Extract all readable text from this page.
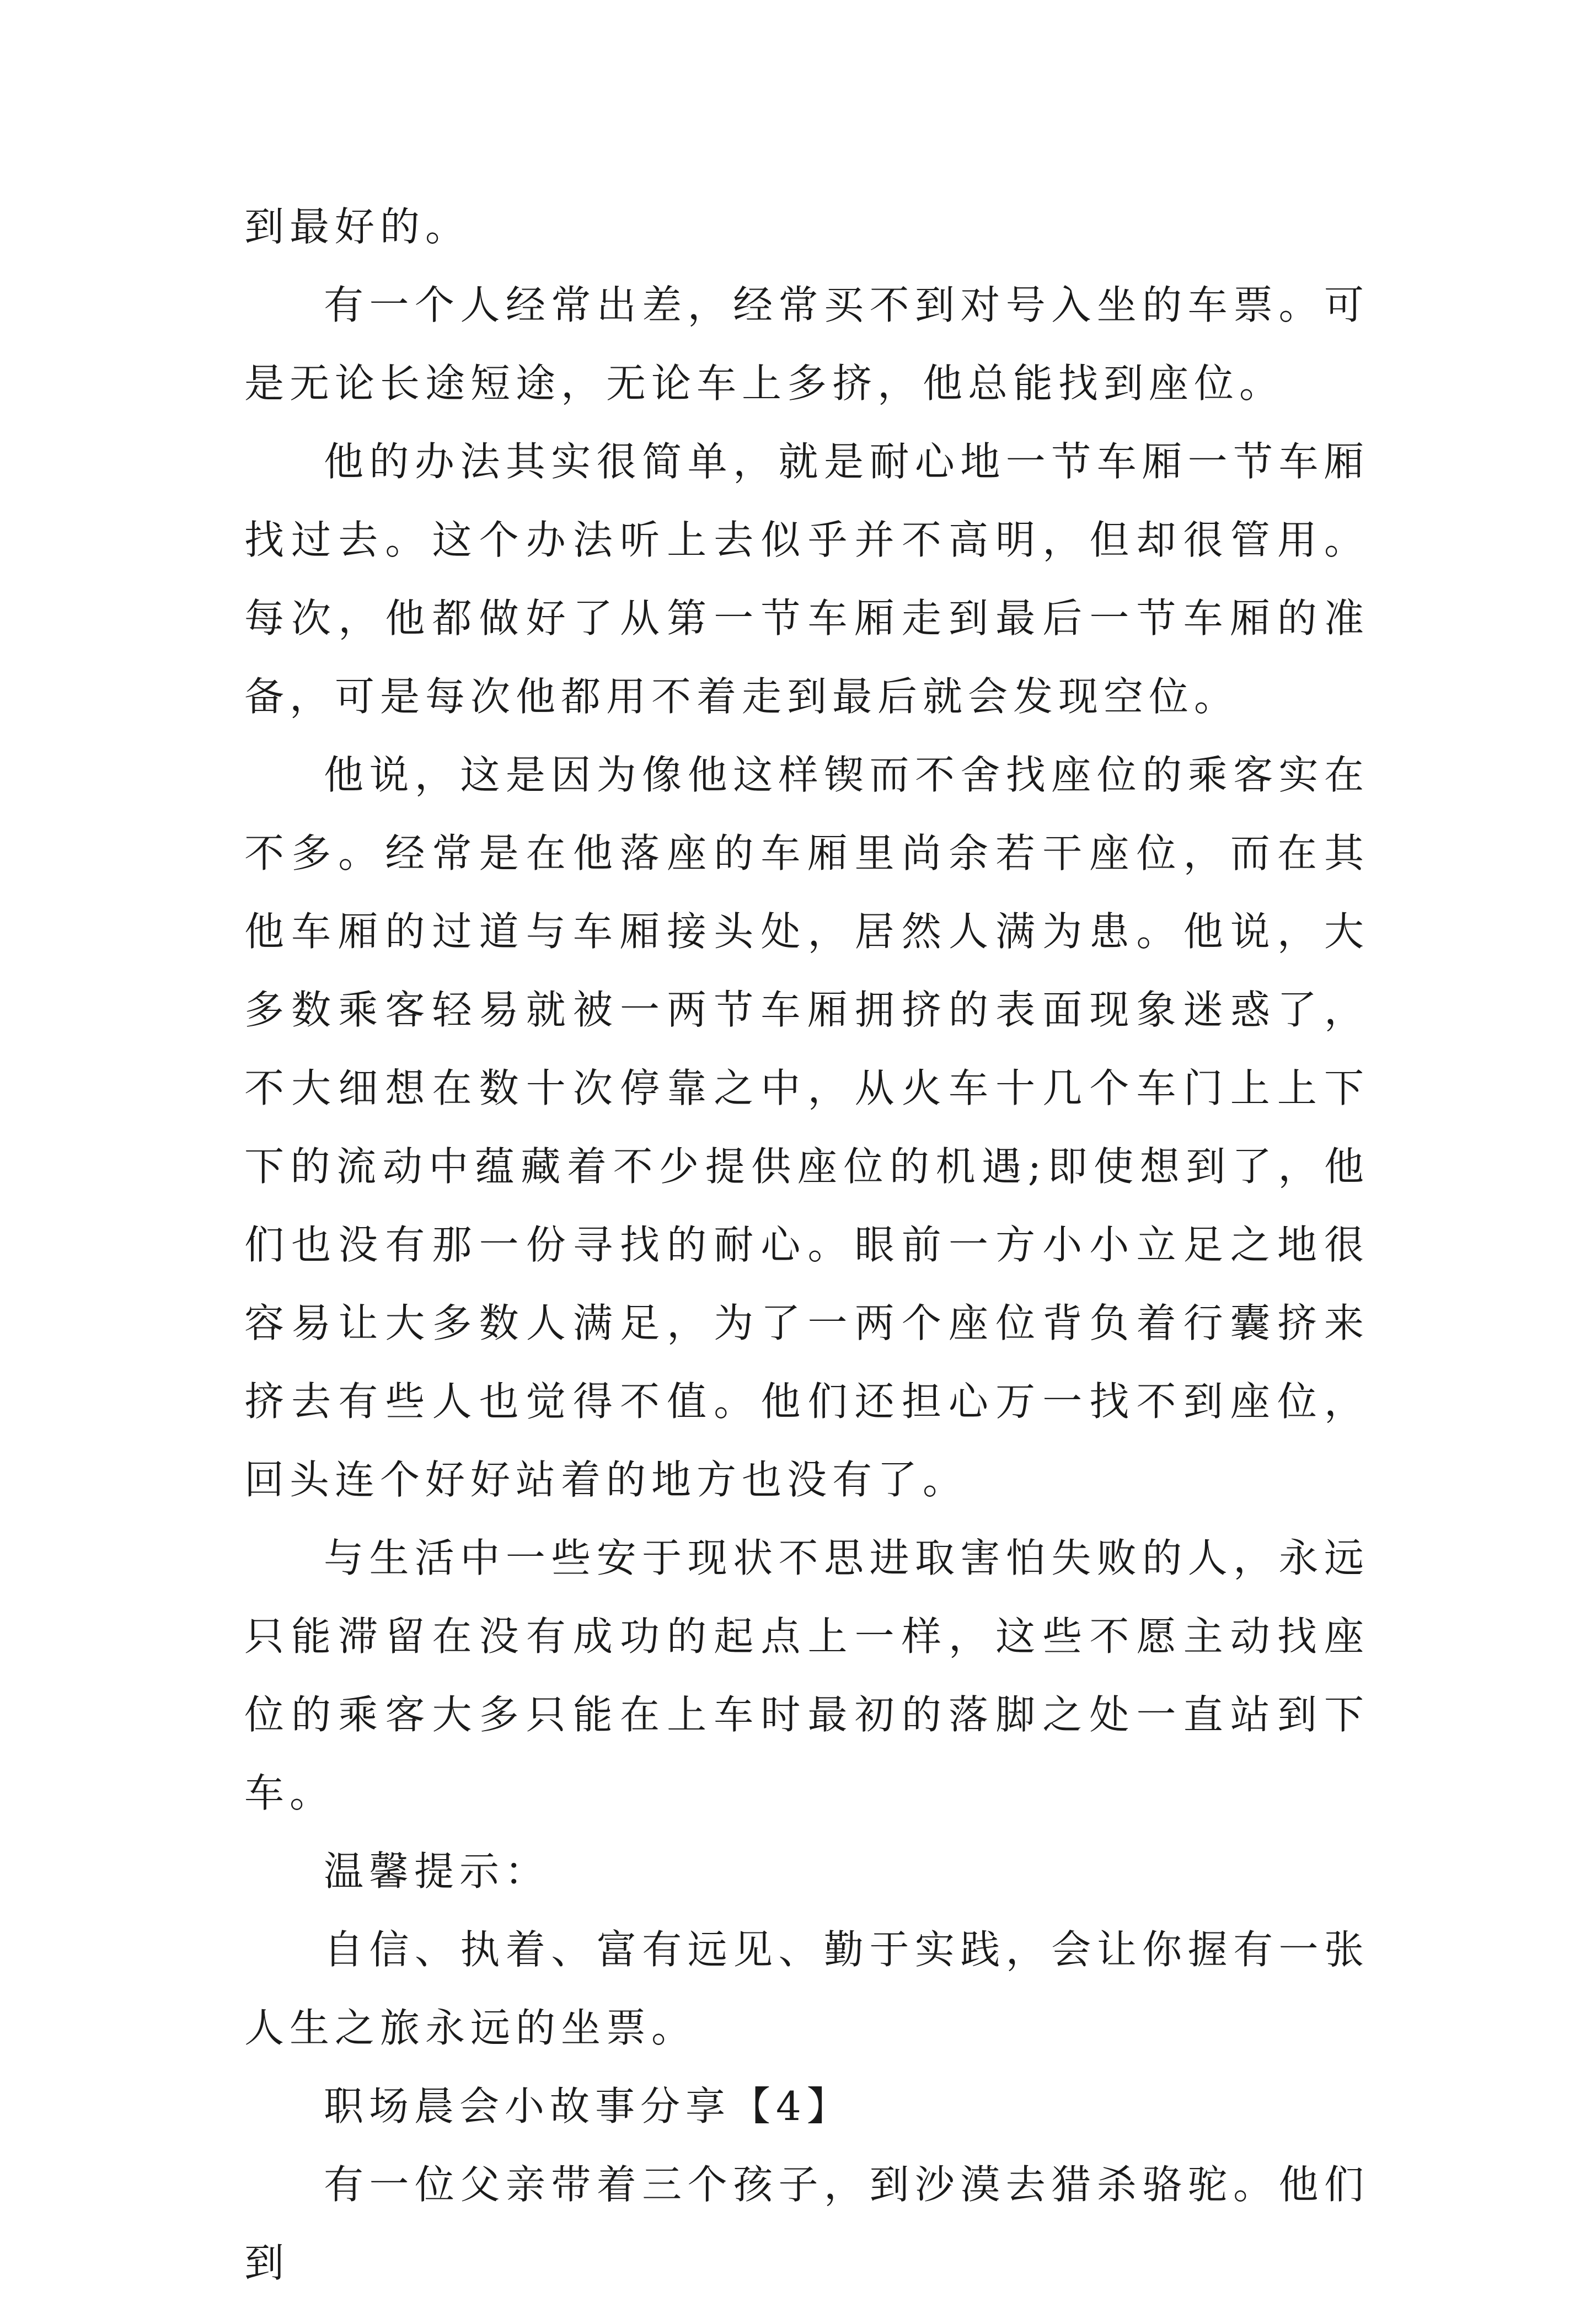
到最好的。

有一个人经常出差，经常买不到对号入坐的车票。可是无论长途短途，无论车上多挤，他总能找到座位。

他的办法其实很简单，就是耐心地一节车厢一节车厢找过去。这个办法听上去似乎并不高明，但却很管用。每次，他都做好了从第一节车厢走到最后一节车厢的准备，可是每次他都用不着走到最后就会发现空位。

他说，这是因为像他这样锲而不舍找座位的乘客实在不多。经常是在他落座的车厢里尚余若干座位，而在其他车厢的过道与车厢接头处，居然人满为患。他说，大多数乘客轻易就被一两节车厢拥挤的表面现象迷惑了，不大细想在数十次停靠之中，从火车十几个车门上上下下的流动中蕴藏着不少提供座位的机遇;即使想到了，他们也没有那一份寻找的耐心。眼前一方小小立足之地很容易让大多数人满足，为了一两个座位背负着行囊挤来挤去有些人也觉得不值。他们还担心万一找不到座位，回头连个好好站着的地方也没有了。

与生活中一些安于现状不思进取害怕失败的人，永远只能滞留在没有成功的起点上一样，这些不愿主动找座位的乘客大多只能在上车时最初的落脚之处一直站到下车。

温馨提示：

自信、执着、富有远见、勤于实践，会让你握有一张人生之旅永远的坐票。

职场晨会小故事分享【4】

有一位父亲带着三个孩子，到沙漠去猎杀骆驼。他们到
